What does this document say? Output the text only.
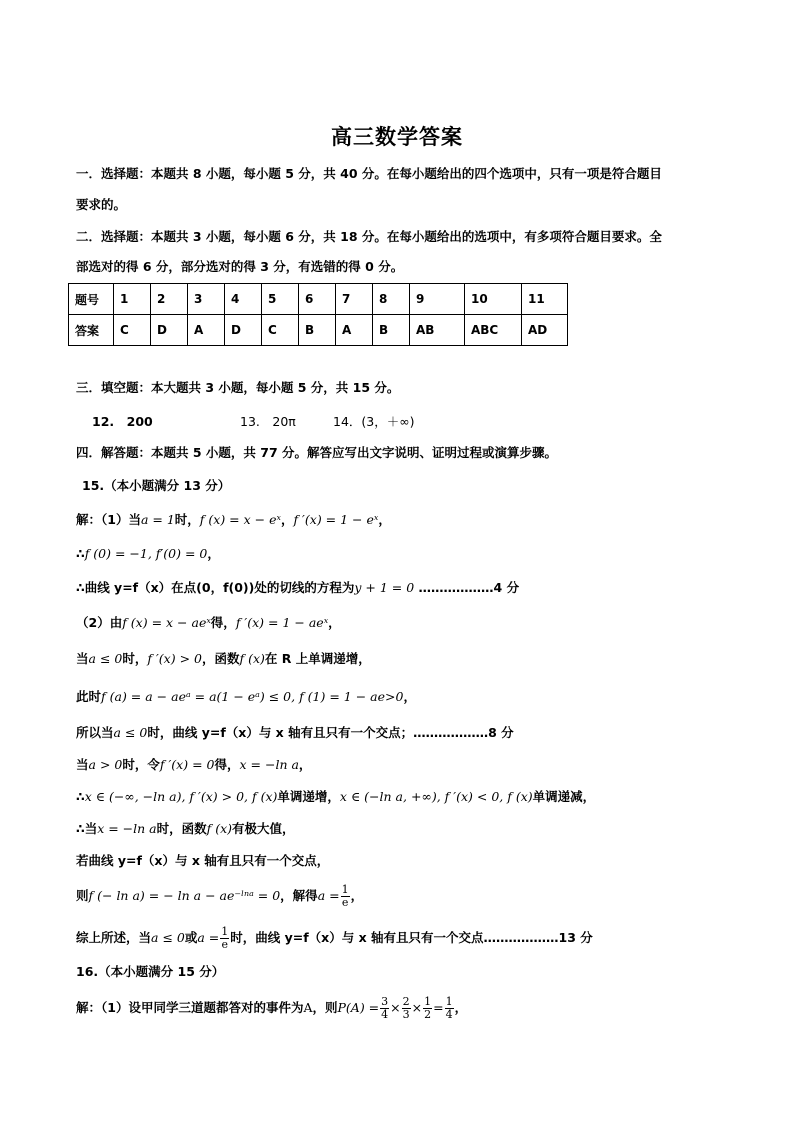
高三数学答案
一．选择题：本题共 8 小题，每小题 5 分，共 40 分。在每小题给出的四个选项中，只有一项是符合题目
要求的。
二．选择题：本题共 3 小题，每小题 6 分，共 18 分。在每小题给出的选项中，有多项符合题目要求。全
部选对的得 6 分，部分选对的得 3 分，有选错的得 0 分。
题号	1	2	3	4	5	6	7	8	9	10	11
答案	C	D	A	D	C	B	A	B	AB	ABC	AD
三．填空题：本大题共 3 小题，每小题 5 分，共 15 分。
12.　200	13.　20π	14．(3，＋∞)
四．解答题：本题共 5 小题，共 77 分。解答应写出文字说明、证明过程或演算步骤。
15.（本小题满分 13 分）
解：（1）当a = 1时，f (x) = x − eˣ，f ′(x) = 1 − eˣ，
∴f (0) = −1, f′(0) = 0，
∴曲线 y=f（x）在点(0，f(0))处的切线的方程为y + 1 = 0 ………………4 分
（2）由f (x) = x − aeˣ得，f ′(x) = 1 − aeˣ，
当a ≤ 0时，f ′(x) > 0，函数f (x)在 R 上单调递增，
此时f (a) = a − aeᵃ = a(1 − eᵃ) ≤ 0, f (1) = 1 − ae>0，
所以当a ≤ 0时，曲线 y=f（x）与 x 轴有且只有一个交点；………………8 分
当a > 0时，令f ′(x) = 0得，x = −ln a，
∴x ∈ (−∞, −ln a), f ′(x) > 0, f (x)单调递增，x ∈ (−ln a, +∞), f ′(x) < 0, f (x)单调递减，
∴当x = −ln a时，函数f (x)有极大值，
若曲线 y=f（x）与 x 轴有且只有一个交点，
则f (− ln a) = − ln a − ae⁻ˡⁿᵃ = 0，解得$a = \frac{1}{e}$ ，
综上所述，当a ≤ 0或$a = \frac{1}{e}$ 时，曲线 y=f（x）与 x 轴有且只有一个交点………………13 分
16.（本小题满分 15 分）
解：（1）设甲同学三道题都答对的事件为A，则$P(A) = \frac{3}{4} \times \frac{2}{3} \times \frac{1}{2} = \frac{1}{4}$ ，
